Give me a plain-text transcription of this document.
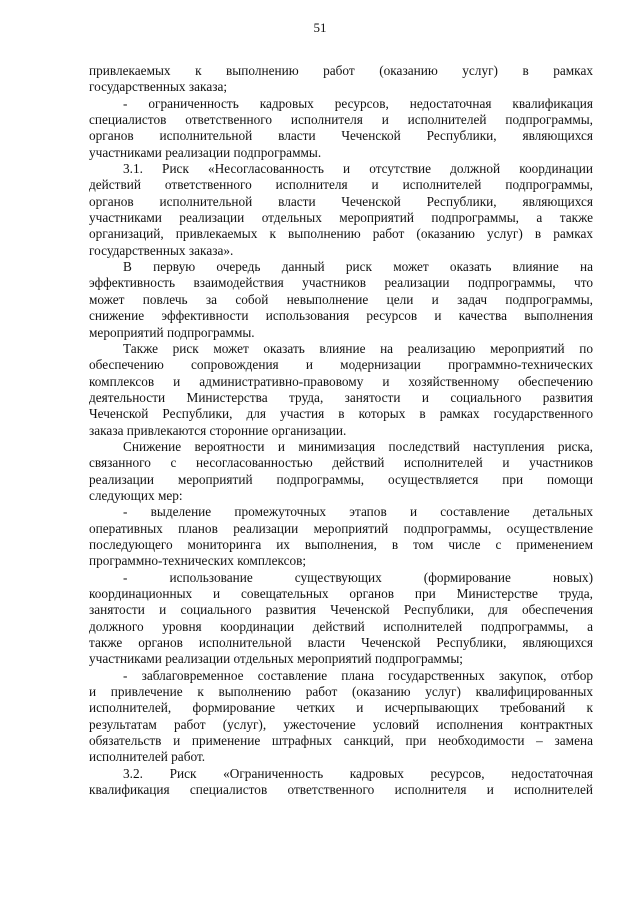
51
привлекаемых к выполнению работ (оказанию услуг) в рамках
государственных заказа;
- ограниченность кадровых ресурсов, недостаточная квалификация
специалистов ответственного исполнителя и исполнителей подпрограммы,
органов исполнительной власти Чеченской Республики, являющихся
участниками реализации подпрограммы.
3.1. Риск «Несогласованность и отсутствие должной координации
действий ответственного исполнителя и исполнителей подпрограммы,
органов исполнительной власти Чеченской Республики, являющихся
участниками реализации отдельных мероприятий подпрограммы, а также
организаций, привлекаемых к выполнению работ (оказанию услуг) в рамках
государственных заказа».
В первую очередь данный риск может оказать влияние на
эффективность взаимодействия участников реализации подпрограммы, что
может повлечь за собой невыполнение цели и задач подпрограммы,
снижение эффективности использования ресурсов и качества выполнения
мероприятий подпрограммы.
Также риск может оказать влияние на реализацию мероприятий по
обеспечению сопровождения и модернизации программно-технических
комплексов и административно-правовому и хозяйственному обеспечению
деятельности Министерства труда, занятости и социального развития
Чеченской Республики, для участия в которых в рамках государственного
заказа привлекаются сторонние организации.
Снижение вероятности и минимизация последствий наступления риска,
связанного с несогласованностью действий исполнителей и участников
реализации мероприятий подпрограммы, осуществляется при помощи
следующих мер:
- выделение промежуточных этапов и составление детальных
оперативных планов реализации мероприятий подпрограммы, осуществление
последующего мониторинга их выполнения, в том числе с применением
программно-технических комплексов;
- использование существующих (формирование новых)
координационных и совещательных органов при Министерстве труда,
занятости и социального развития Чеченской Республики, для обеспечения
должного уровня координации действий исполнителей подпрограммы, а
также органов исполнительной власти Чеченской Республики, являющихся
участниками реализации отдельных мероприятий подпрограммы;
- заблаговременное составление плана государственных закупок, отбор
и привлечение к выполнению работ (оказанию услуг) квалифицированных
исполнителей, формирование четких и исчерпывающих требований к
результатам работ (услуг), ужесточение условий исполнения контрактных
обязательств и применение штрафных санкций, при необходимости – замена
исполнителей работ.
3.2. Риск «Ограниченность кадровых ресурсов, недостаточная
квалификация специалистов ответственного исполнителя и исполнителей
